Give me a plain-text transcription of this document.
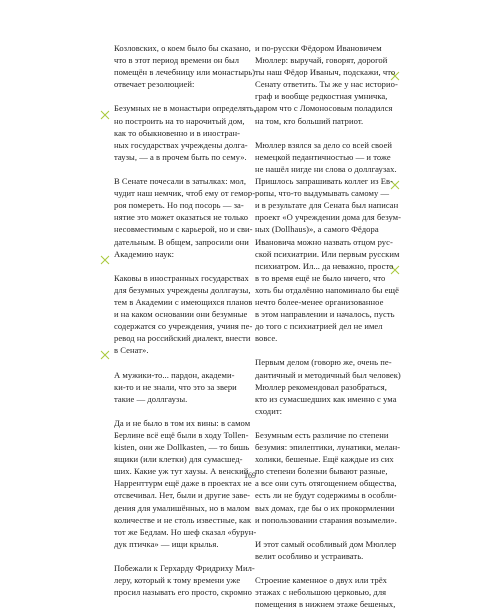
Козловских, о коем было бы сказано,
что в этот период времени он был
помещён в лечебницу или монастырь)
отвечает резолюцией:
Безумных не в монастыри определять,
но построить на то нарочитый дом,
как то обыкновенно и в иностран-
ных государствах учреждены долга-
таузы, — а в прочем быть по сему».
В Сенате почесали в затылках: мол,
чудит наш немчик, чтоб ему от гемор-
роя помереть. Но под посорь — за-
нятие это может оказаться не только
несовместимым с карьерой, но и сви-
дательным. В общем, запросили они
Академию наук:
Каковы в иностранных государствах
для безумных учреждены доллгаузы,
тем в Академии с имеющихся планов
и на каком основании они безумные
содержатся со учреждения, учиня пе-
ревод на российский диалект, внести
в Сенат».
А мужики-то... пардон, академи-
ки-то и не знали, что это за звери
такие — доллгаузы.
Да и не было в том их вины: в самом
Берлине всё ещё были в ходу Tollen-
kisten, они же Dollkasten, — то бишь
ящики (или клетки) для сумасшед-
ших. Какие уж тут хаузы. А венский
Нарренттурм ещё даже в проектах не
отсвечивал. Нет, были и другие заве-
дения для умалишённых, но в малом
количестве и не столь известные, как
тот же Бедлам. Но шеф сказал «бурун-
дук птичка» — ищи крылья.
Побежали к Герхарду Фридриху Мил-
леру, который к тому времени уже
просил называть его просто, скромно
и по-русски Фёдором Ивановичем
Мюллер: выручай, говорят, дорогой
ты наш Фёдор Иваныч, подскажи, что
Сенату ответить. Ты же у нас историо-
граф и вообще редкостная умничка,
даром что с Ломоносовым поладился
на том, кто больший патриот.
Мюллер взялся за дело со всей своей
немецкой педантичностью — и тоже
не нашёл нигде ни слова о доллгаузах.
Пришлось запрашивать коллег из Ев-
ропы, что-то выдумывать самому —
и в результате для Сената был написан
проект «О учреждении дома для безум-
ных (Dollhaus)», а самого Фёдора
Ивановича можно назвать отцом рус-
ской психиатрии. Или первым русским
психиатром. Ил... да неважно, просто
в то время ещё не было ничего, что
хоть бы отдалённо напоминало бы ещё
нечто более-менее организованное
в этом направлении и началось, пусть
до того с психиатрией дел не имел
вовсе.
Первым делом (говорю же, очень пе-
дантичный и методичный был человек)
Мюллер рекомендовал разобраться,
кто из сумасшедших как именно с ума
сходит:
Безумным есть различие по степени
безумия: эпилептики, лунатики, мелан-
холики, бешеные. Ещё каждые из сих
по степени болезни бывают разные,
а все они суть отягощением общества,
есть ли не будут содержимы в особли-
вых домах, где бы о их прокормлении
и попользовании старания возымели».
И этот самый особливый дом Мюллер
велит особливо и устраивать.
Строение каменное о двух или трёх
этажах с небольшою церковью, для
помещения в нижнем этаже бешеных,
169
